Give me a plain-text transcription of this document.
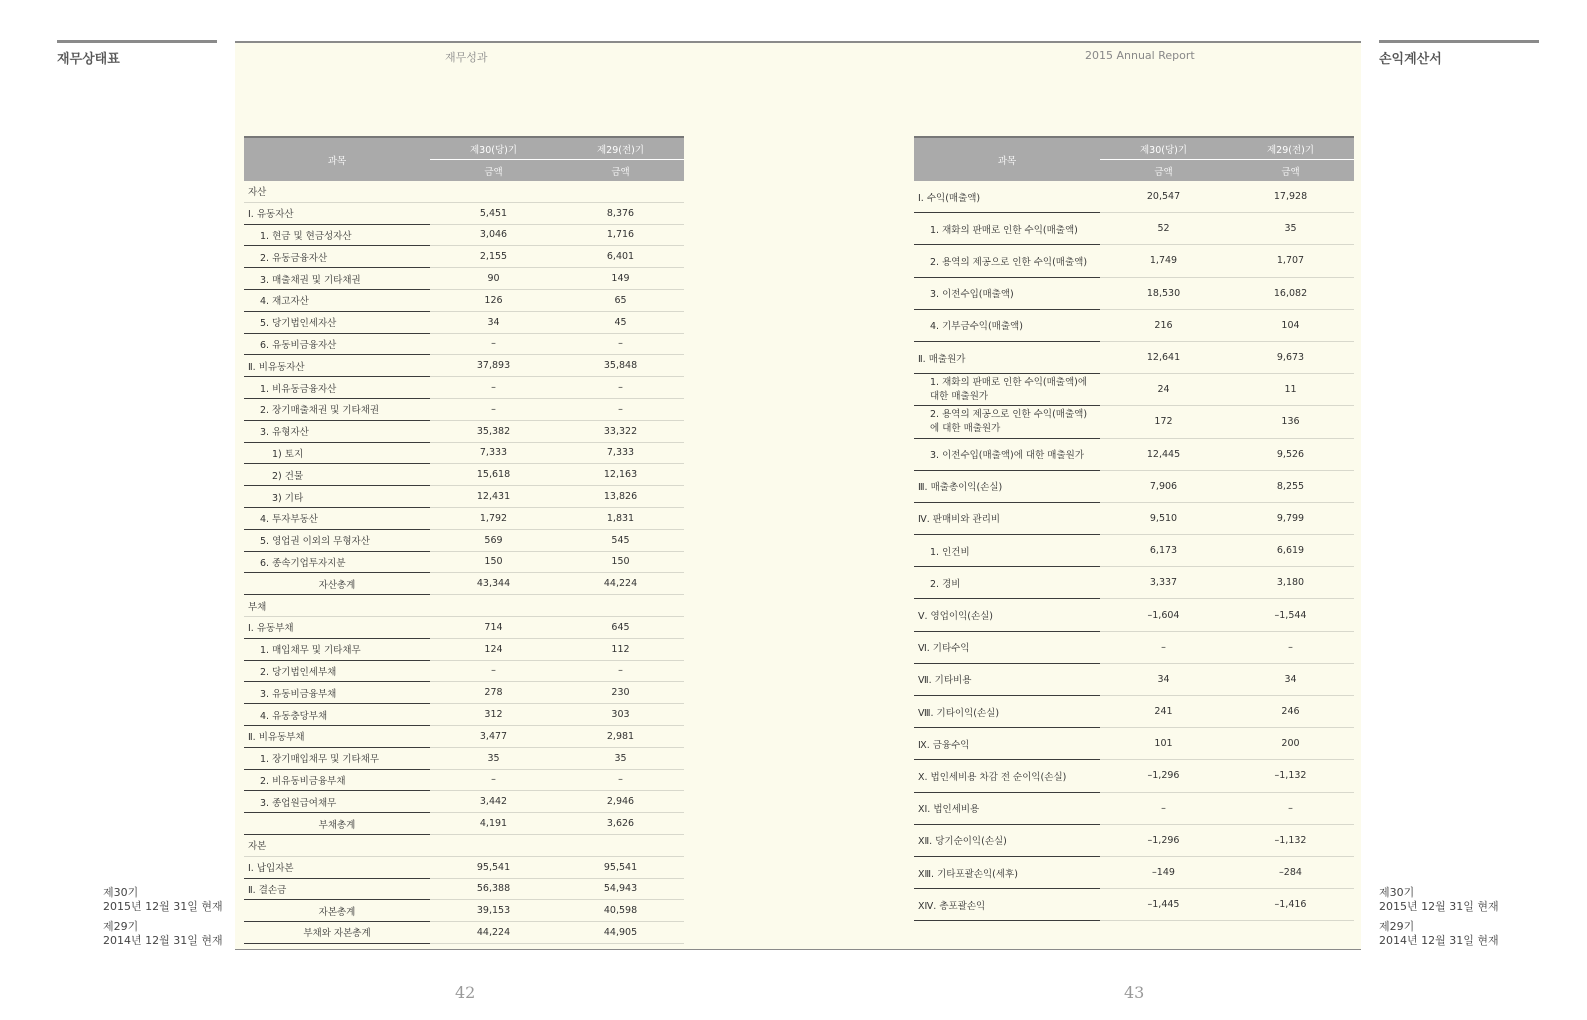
재무상태표	손익계산서
재무성과	2015 Annual Report
과목	제30(당)기	제29(전)기
	금액	금액
자산		
Ⅰ. 유동자산	5,451	8,376
1. 현금 및 현금성자산	3,046	1,716
2. 유동금융자산	2,155	6,401
3. 매출채권 및 기타채권	90	149
4. 재고자산	126	65
5. 당기법인세자산	34	45
6. 유동비금융자산	–	–
Ⅱ. 비유동자산	37,893	35,848
1. 비유동금융자산	–	–
2. 장기매출채권 및 기타채권	–	–
3. 유형자산	35,382	33,322
1) 토지	7,333	7,333
2) 건물	15,618	12,163
3) 기타	12,431	13,826
4. 투자부동산	1,792	1,831
5. 영업권 이외의 무형자산	569	545
6. 종속기업투자지분	150	150
자산총계	43,344	44,224
부채		
Ⅰ. 유동부채	714	645
1. 매입채무 및 기타채무	124	112
2. 당기법인세부채	–	–
3. 유동비금융부채	278	230
4. 유동충당부채	312	303
Ⅱ. 비유동부채	3,477	2,981
1. 장기매입채무 및 기타채무	35	35
2. 비유동비금융부채	–	–
3. 종업원급여채무	3,442	2,946
부채총계	4,191	3,626
자본		
Ⅰ. 납입자본	95,541	95,541
Ⅱ. 결손금	56,388	54,943
자본총계	39,153	40,598
부채와 자본총계	44,224	44,905
과목	제30(당)기	제29(전)기
	금액	금액
Ⅰ. 수익(매출액)	20,547	17,928
1. 재화의 판매로 인한 수익(매출액)	52	35
2. 용역의 제공으로 인한 수익(매출액)	1,749	1,707
3. 이전수입(매출액)	18,530	16,082
4. 기부금수익(매출액)	216	104
Ⅱ. 매출원가	12,641	9,673
1. 재화의 판매로 인한 수익(매출액)에 대한 매출원가	24	11
2. 용역의 제공으로 인한 수익(매출액)에 대한 매출원가	172	136
3. 이전수입(매출액)에 대한 매출원가	12,445	9,526
Ⅲ. 매출총이익(손실)	7,906	8,255
Ⅳ. 판매비와 관리비	9,510	9,799
1. 인건비	6,173	6,619
2. 경비	3,337	3,180
Ⅴ. 영업이익(손실)	–1,604	–1,544
Ⅵ. 기타수익	–	–
Ⅶ. 기타비용	34	34
Ⅷ. 기타이익(손실)	241	246
Ⅸ. 금융수익	101	200
Ⅹ. 법인세비용 차감 전 순이익(손실)	–1,296	–1,132
ⅩⅠ. 법인세비용	–	–
ⅩⅡ. 당기순이익(손실)	–1,296	–1,132
ⅩⅢ. 기타포괄손익(세후)	–149	–284
ⅩⅣ. 총포괄손익	–1,445	–1,416
제30기
2015년 12월 31일 현재
제29기
2014년 12월 31일 현재
제30기
2015년 12월 31일 현재
제29기
2014년 12월 31일 현재
42	43
